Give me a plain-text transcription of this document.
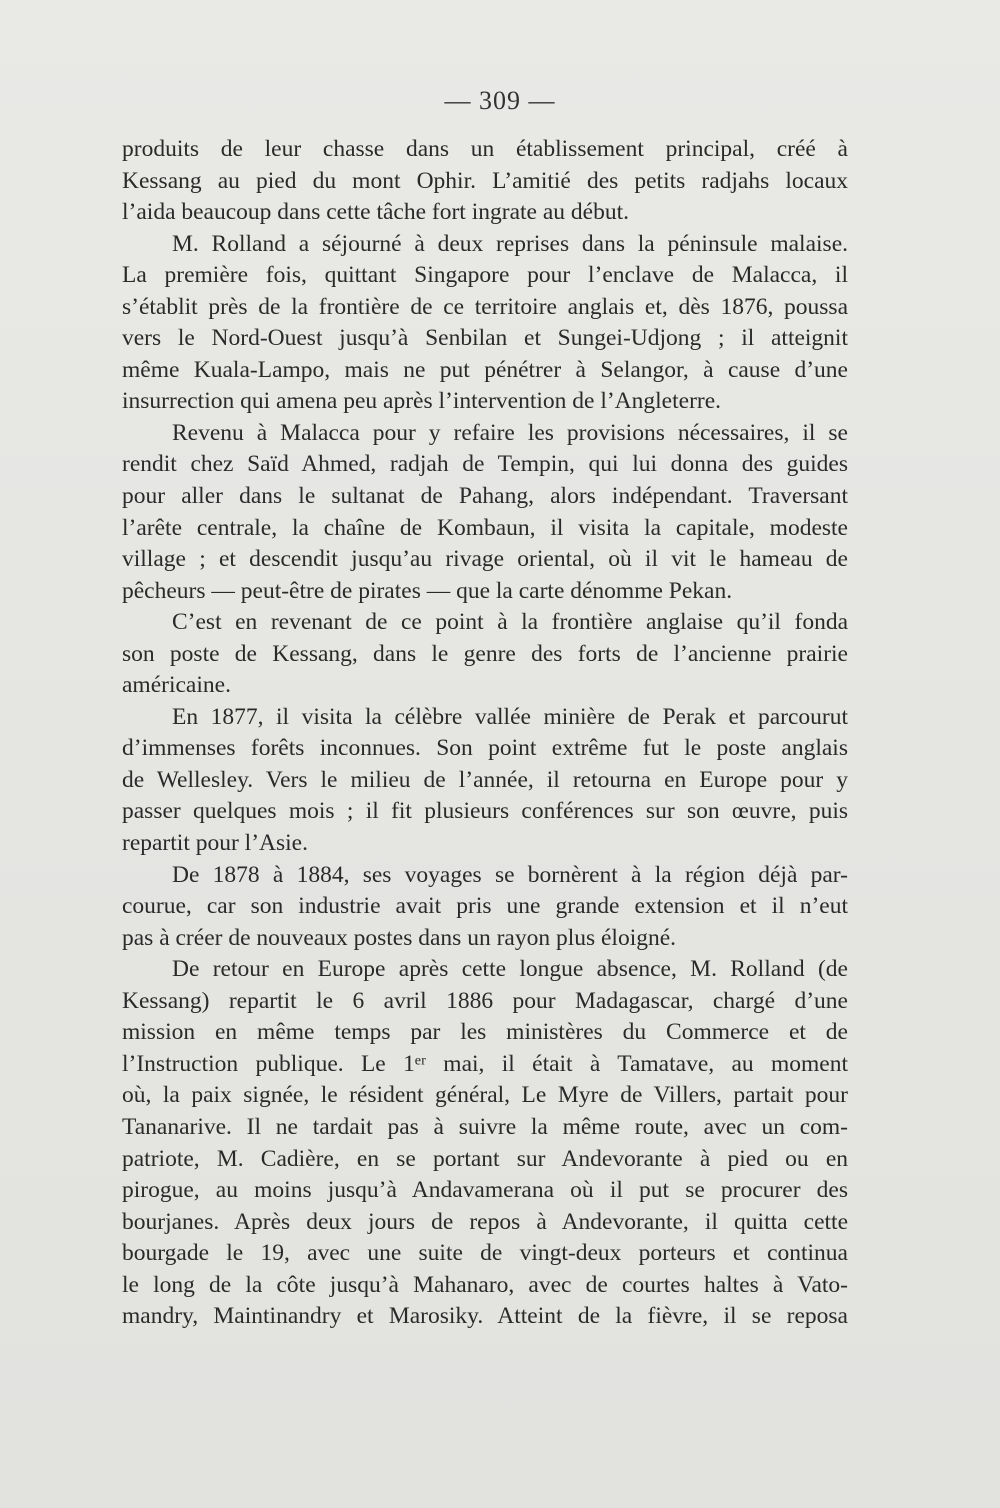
— 309 —
produits de leur chasse dans un établissement principal, créé à
Kessang au pied du mont Ophir. L’amitié des petits radjahs locaux
l’aida beaucoup dans cette tâche fort ingrate au début.
M. Rolland a séjourné à deux reprises dans la péninsule malaise.
La première fois, quittant Singapore pour l’enclave de Malacca, il
s’établit près de la frontière de ce territoire anglais et, dès 1876, poussa
vers le Nord-Ouest jusqu’à Senbilan et Sungei-Udjong ; il atteignit
même Kuala-Lampo, mais ne put pénétrer à Selangor, à cause d’une
insurrection qui amena peu après l’intervention de l’Angleterre.
Revenu à Malacca pour y refaire les provisions nécessaires, il se
rendit chez Saïd Ahmed, radjah de Tempin, qui lui donna des guides
pour aller dans le sultanat de Pahang, alors indépendant. Traversant
l’arête centrale, la chaîne de Kombaun, il visita la capitale, modeste
village ; et descendit jusqu’au rivage oriental, où il vit le hameau de
pêcheurs — peut-être de pirates — que la carte dénomme Pekan.
C’est en revenant de ce point à la frontière anglaise qu’il fonda
son poste de Kessang, dans le genre des forts de l’ancienne prairie
américaine.
En 1877, il visita la célèbre vallée minière de Perak et parcourut
d’immenses forêts inconnues. Son point extrême fut le poste anglais
de Wellesley. Vers le milieu de l’année, il retourna en Europe pour y
passer quelques mois ; il fit plusieurs conférences sur son œuvre, puis
repartit pour l’Asie.
De 1878 à 1884, ses voyages se bornèrent à la région déjà par-
courue, car son industrie avait pris une grande extension et il n’eut
pas à créer de nouveaux postes dans un rayon plus éloigné.
De retour en Europe après cette longue absence, M. Rolland (de
Kessang) repartit le 6 avril 1886 pour Madagascar, chargé d’une
mission en même temps par les ministères du Commerce et de
l’Instruction publique. Le 1ᵉʳ mai, il était à Tamatave, au moment
où, la paix signée, le résident général, Le Myre de Villers, partait pour
Tananarive. Il ne tardait pas à suivre la même route, avec un com-
patriote, M. Cadière, en se portant sur Andevorante à pied ou en
pirogue, au moins jusqu’à Andavamerana où il put se procurer des
bourjanes. Après deux jours de repos à Andevorante, il quitta cette
bourgade le 19, avec une suite de vingt-deux porteurs et continua
le long de la côte jusqu’à Mahanaro, avec de courtes haltes à Vato-
mandry, Maintinandry et Marosiky. Atteint de la fièvre, il se reposa
